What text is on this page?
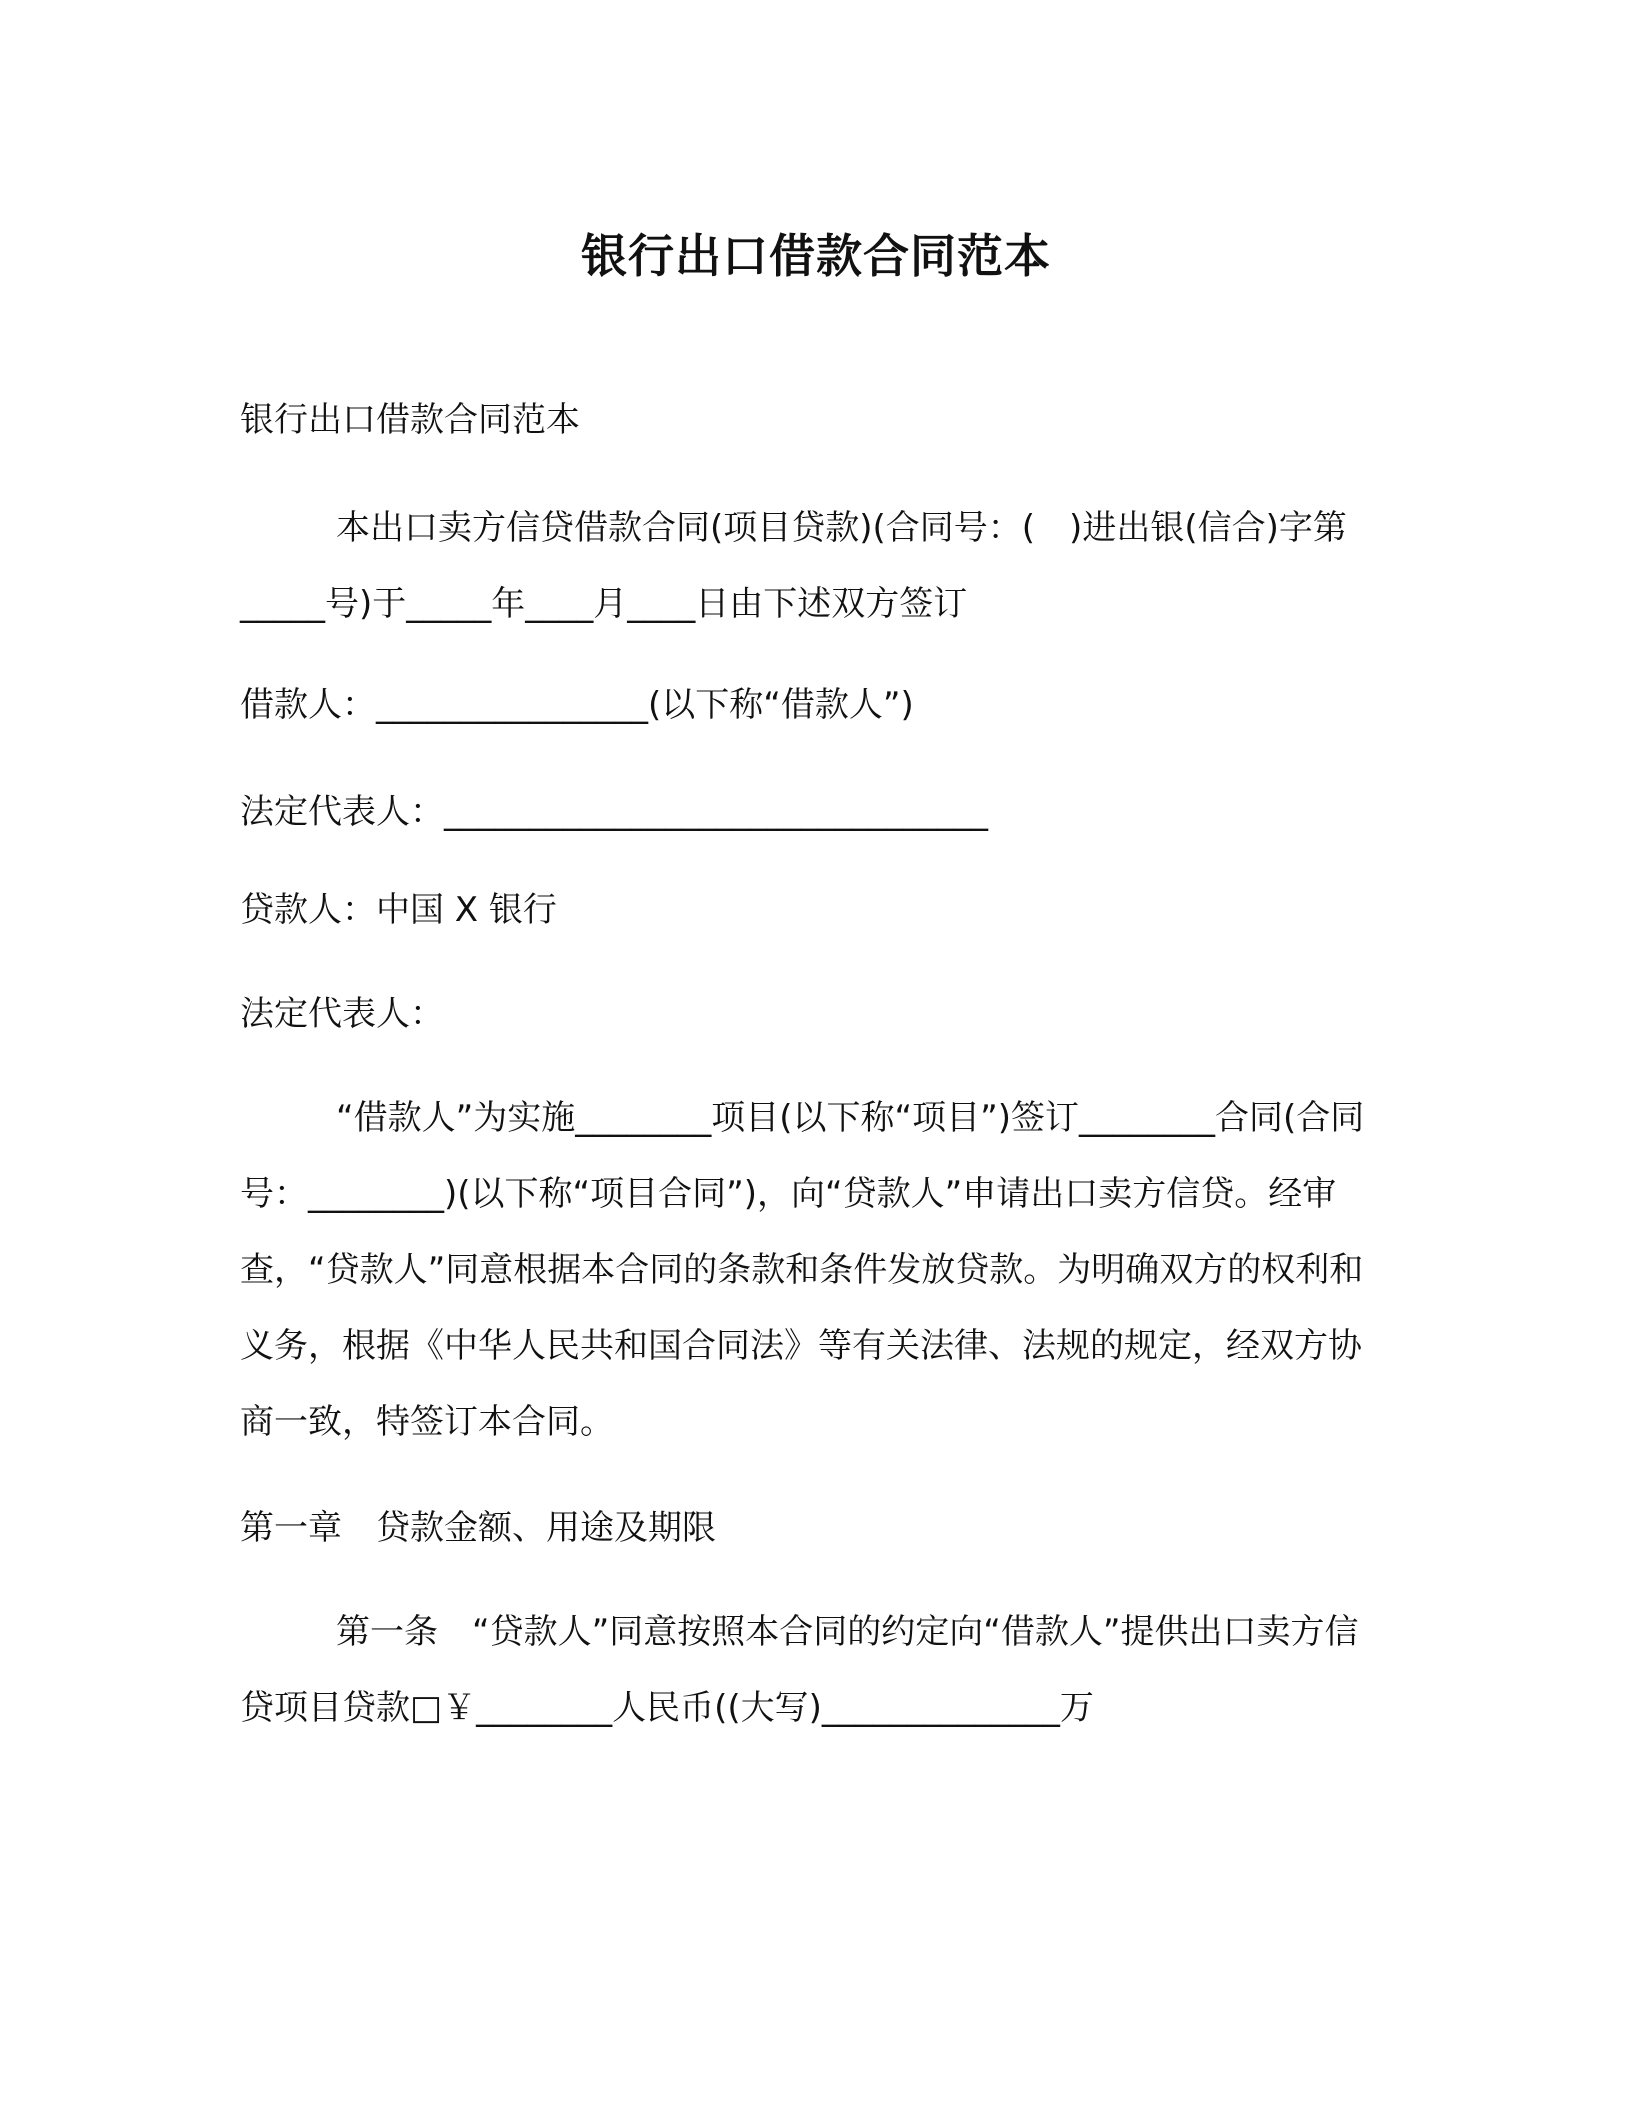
银行出口借款合同范本

银行出口借款合同范本

本出口卖方信贷借款合同(项目贷款)(合同号：(　)进出银(信合)字第_____号)于_____年____月____日由下述双方签订

借款人：________________(以下称“借款人”)

法定代表人：________________________________

贷款人：中国 X 银行

法定代表人：

“借款人”为实施________项目(以下称“项目”)签订________合同(合同号：________)(以下称“项目合同”)，向“贷款人”申请出口卖方信贷。经审查，“贷款人”同意根据本合同的条款和条件发放贷款。为明确双方的权利和义务，根据《中华人民共和国合同法》等有关法律、法规的规定，经双方协商一致，特签订本合同。

第一章　贷款金额、用途及期限

第一条　“贷款人”同意按照本合同的约定向“借款人”提供出口卖方信贷项目贷款□￥________人民币((大写)______________万
